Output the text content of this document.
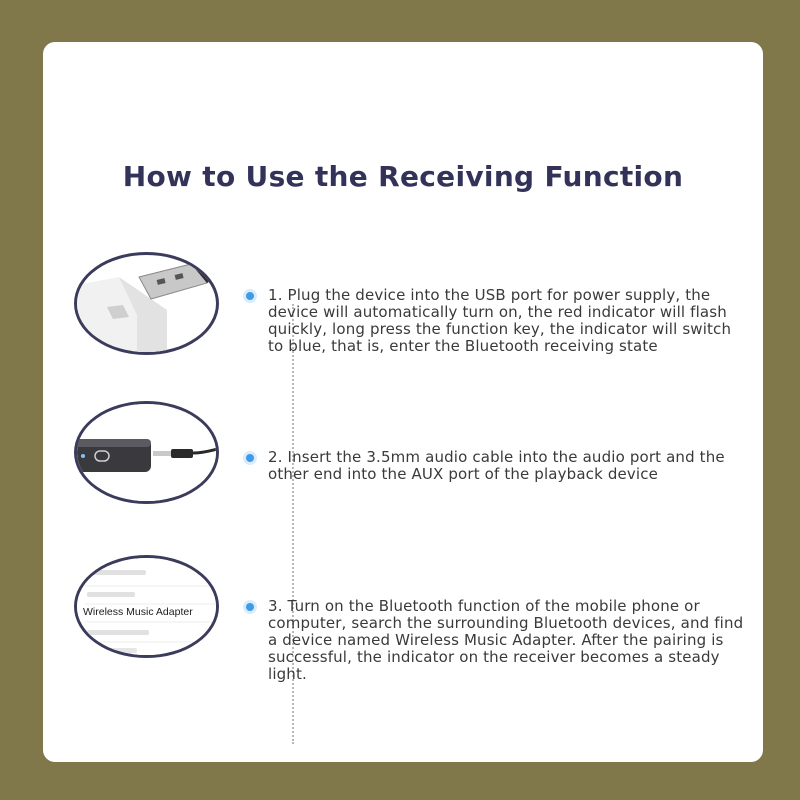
How to Use the Receiving Function
1. Plug the device into the USB port for power supply, the device will automatically turn on, the red indicator will flash quickly, long press the function key, the indicator will switch to blue, that is, enter the Bluetooth receiving state
2. Insert the 3.5mm audio cable into the audio port and the other end into the AUX port of the playback device
Wireless Music Adapter	3. Turn on the Bluetooth function of the mobile phone or computer, search the surrounding Bluetooth devices, and find a device named Wireless Music Adapter. After the pairing is successful, the indicator on the receiver becomes a steady light.
